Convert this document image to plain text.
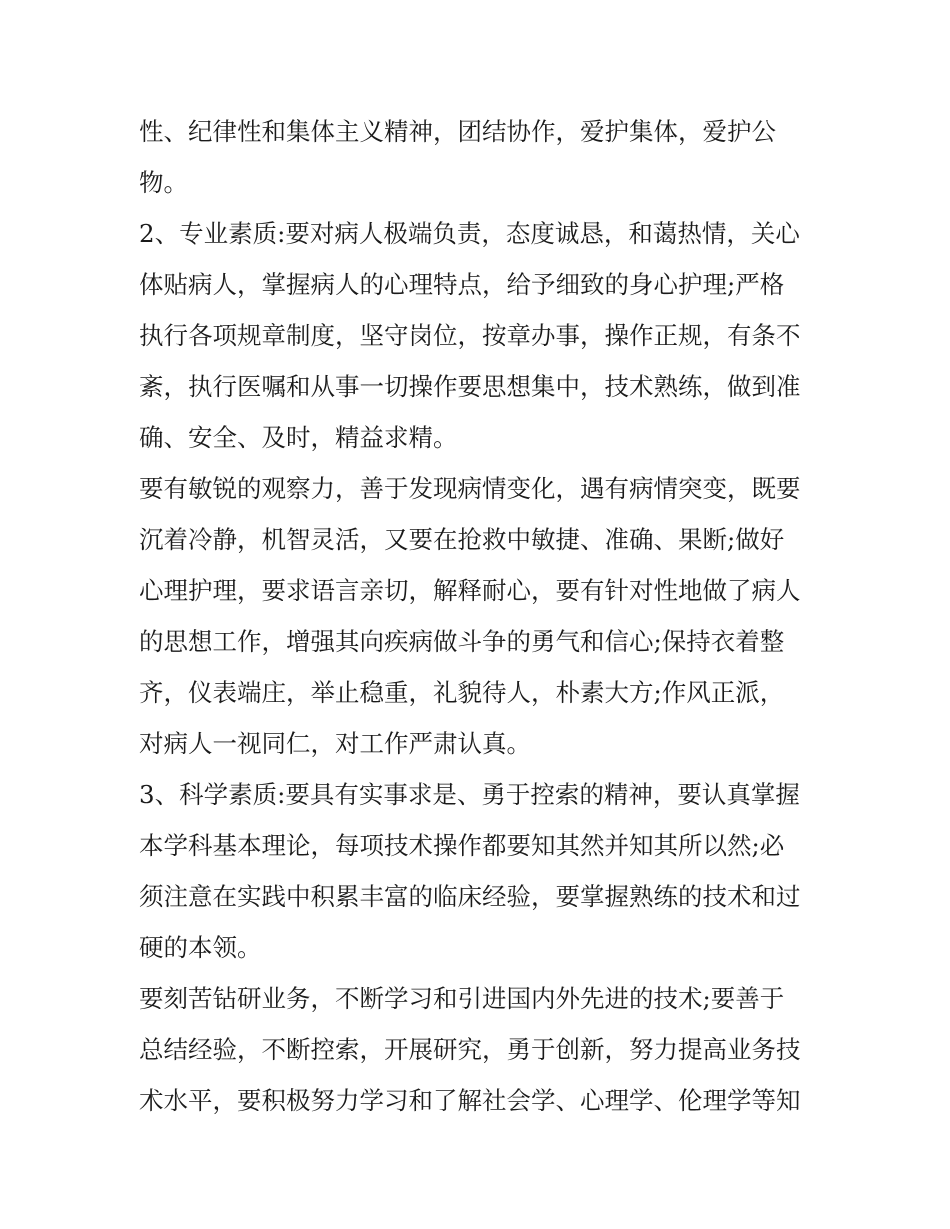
性、纪律性和集体主义精神，团结协作，爱护集体，爱护公
物。
2、专业素质:要对病人极端负责，态度诚恳，和蔼热情，关心
体贴病人，掌握病人的心理特点，给予细致的身心护理;严格
执行各项规章制度，坚守岗位，按章办事，操作正规，有条不
紊，执行医嘱和从事一切操作要思想集中，技术熟练，做到准
确、安全、及时，精益求精。
要有敏锐的观察力，善于发现病情变化，遇有病情突变，既要
沉着冷静，机智灵活，又要在抢救中敏捷、准确、果断;做好
心理护理，要求语言亲切，解释耐心，要有针对性地做了病人
的思想工作，增强其向疾病做斗争的勇气和信心;保持衣着整
齐，仪表端庄，举止稳重，礼貌待人，朴素大方;作风正派，
对病人一视同仁，对工作严肃认真。
3、科学素质:要具有实事求是、勇于控索的精神，要认真掌握
本学科基本理论，每项技术操作都要知其然并知其所以然;必
须注意在实践中积累丰富的临床经验，要掌握熟练的技术和过
硬的本领。
要刻苦钻研业务，不断学习和引进国内外先进的技术;要善于
总结经验，不断控索，开展研究，勇于创新，努力提高业务技
术水平，要积极努力学习和了解社会学、心理学、伦理学等知
